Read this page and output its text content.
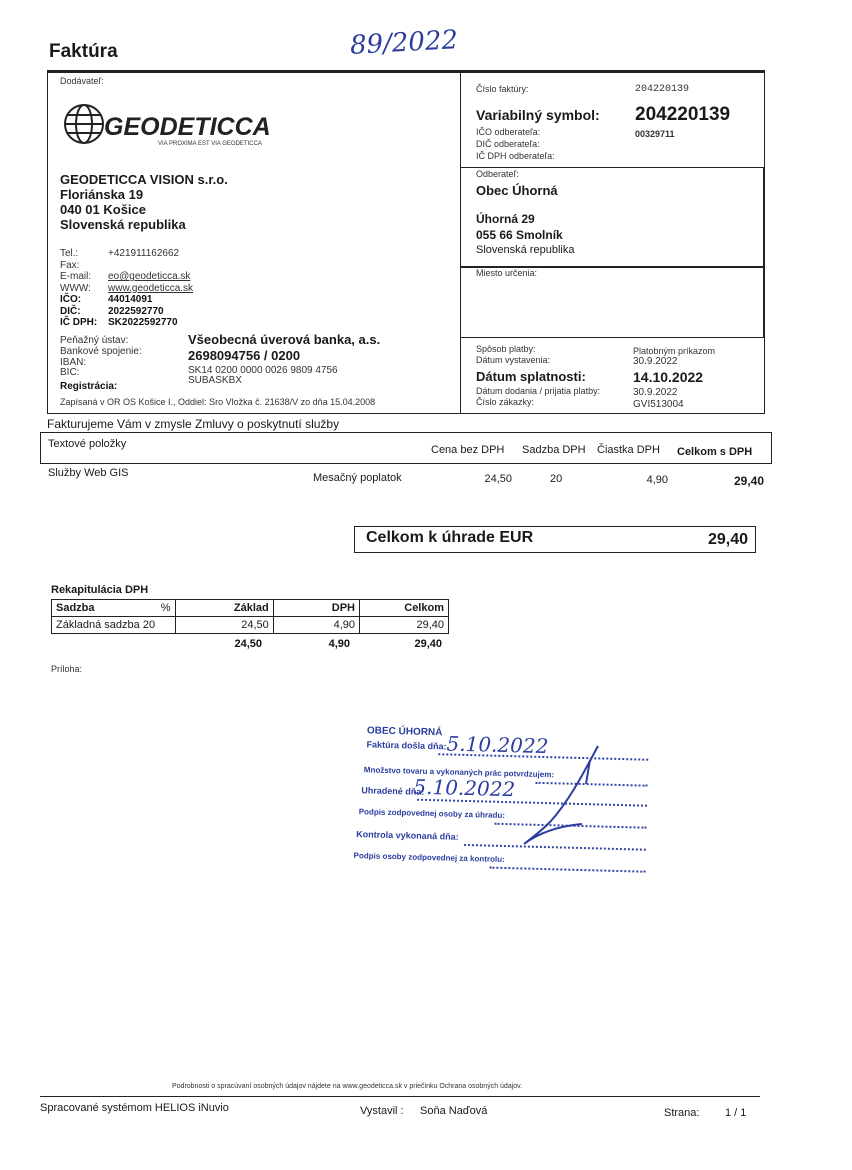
Faktúra	89/2022
Dodávateľ:
GEODETICCA
VIA PROXIMA EST VIA GEODETICCA
GEODETICCA VISION s.r.o.
Floriánska 19
040 01 Košice
Slovenská republika
Tel.:	+421911162662
Fax:
E-mail: eo@geodeticca.sk
WWW: www.geodeticca.sk
IČO:	44014091
DIČ:	2022592770
IČ DPH: SK2022592770
Peňažný ústav:	Všeobecná úverová banka, a.s.
Bankové spojenie:	2698094756 / 0200
IBAN:
SK14 0200 0000 0026 9809 4756
BIC:
SUBASKBX
Registrácia:
Zapísaná v OR OS Košice I., Oddiel: Sro Vložka č. 21638/V zo dňa 15.04.2008
Číslo faktúry:	204220139
Variabilný symbol: 204220139
IČO odberateľa:	00329711
DIČ odberateľa:
IČ DPH odberateľa:
Odberateľ:
Obec Úhorná
Úhorná 29
055 66 Smolník
Slovenská republika
Miesto určenia:
Spôsob platby:	Platobným príkazom
Dátum vystavenia:	30.9.2022
Dátum splatnosti:	14.10.2022
Dátum dodania / prijatia platby:	30.9.2022
Číslo zákazky:	GVI513004
Fakturujeme Vám v zmysle Zmluvy o poskytnutí služby
Textové položky	Cena bez DPH Sadzba DPH Čiastka DPH Celkom s DPH
Služby Web GIS	Mesačný poplatok	24,50	20	4,90	29,40
Celkom k úhrade EUR	29,40
Rekapitulácia DPH
Sadzba %	Základ	DPH	Celkom
Základná sadzba 20	24,50	4,90	29,40
24,50	4,90	29,40
Príloha:
OBEC ÚHORNÁ
Faktúra došla dňa: 5.10.2022
Množstvo tovaru a vykonaných prác potvrdzujem:
Uhradené dňa:
5.10.2022
Podpis zodpovednej osoby za úhradu:
Kontrola vykonaná dňa:
Podpis osoby zodpovednej za kontrolu:
Podrobnosti o spracúvaní osobných údajov nájdete na www.geodeticca.sk v priečinku Ochrana osobných údajov.
Spracované systémom HELIOS iNuvio	Vystavil : Soňa Naďová	Strana: 1 / 1
